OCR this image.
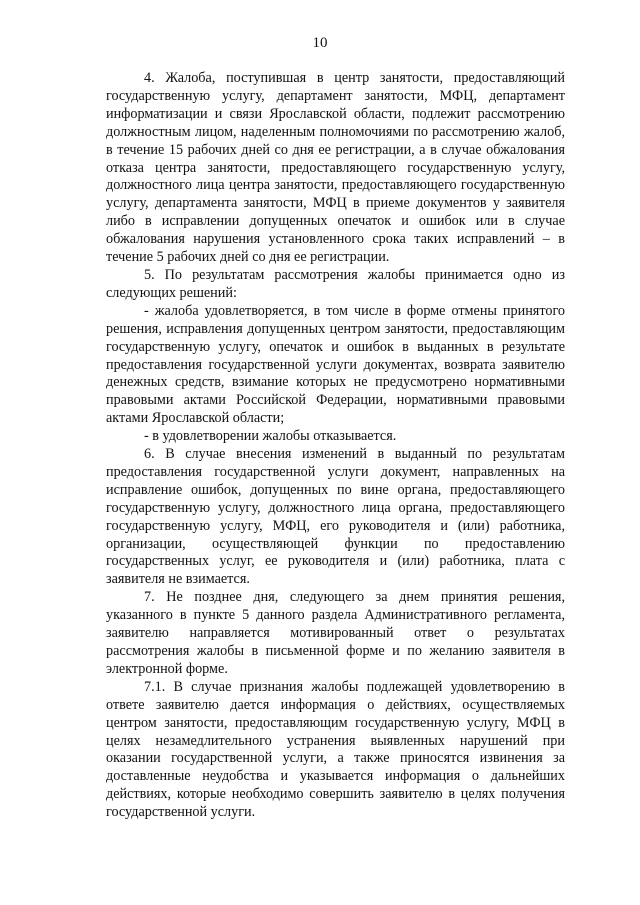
10

4. Жалоба, поступившая в центр занятости, предоставляющий государственную услугу, департамент занятости, МФЦ, департамент информатизации и связи Ярославской области, подлежит рассмотрению должностным лицом, наделенным полномочиями по рассмотрению жалоб, в течение 15 рабочих дней со дня ее регистрации, а в случае обжалования отказа центра занятости, предоставляющего государственную услугу, должностного лица центра занятости, предоставляющего государственную услугу, департамента занятости, МФЦ в приеме документов у заявителя либо в исправлении допущенных опечаток и ошибок или в случае обжалования нарушения установленного срока таких исправлений – в течение 5 рабочих дней со дня ее регистрации.

5. По результатам рассмотрения жалобы принимается одно из следующих решений:

- жалоба удовлетворяется, в том числе в форме отмены принятого решения, исправления допущенных центром занятости, предоставляющим государственную услугу, опечаток и ошибок в выданных в результате предоставления государственной услуги документах, возврата заявителю денежных средств, взимание которых не предусмотрено нормативными правовыми актами Российской Федерации, нормативными правовыми актами Ярославской области;

- в удовлетворении жалобы отказывается.

6. В случае внесения изменений в выданный по результатам предоставления государственной услуги документ, направленных на исправление ошибок, допущенных по вине органа, предоставляющего государственную услугу, должностного лица органа, предоставляющего государственную услугу, МФЦ, его руководителя и (или) работника, организации, осуществляющей функции по предоставлению государственных услуг, ее руководителя и (или) работника, плата с заявителя не взимается.

7. Не позднее дня, следующего за днем принятия решения, указанного в пункте 5 данного раздела Административного регламента, заявителю направляется мотивированный ответ о результатах рассмотрения жалобы в письменной форме и по желанию заявителя в электронной форме.

7.1. В случае признания жалобы подлежащей удовлетворению в ответе заявителю дается информация о действиях, осуществляемых центром занятости, предоставляющим государственную услугу, МФЦ в целях незамедлительного устранения выявленных нарушений при оказании государственной услуги, а также приносятся извинения за доставленные неудобства и указывается информация о дальнейших действиях, которые необходимо совершить заявителю в целях получения государственной услуги.
